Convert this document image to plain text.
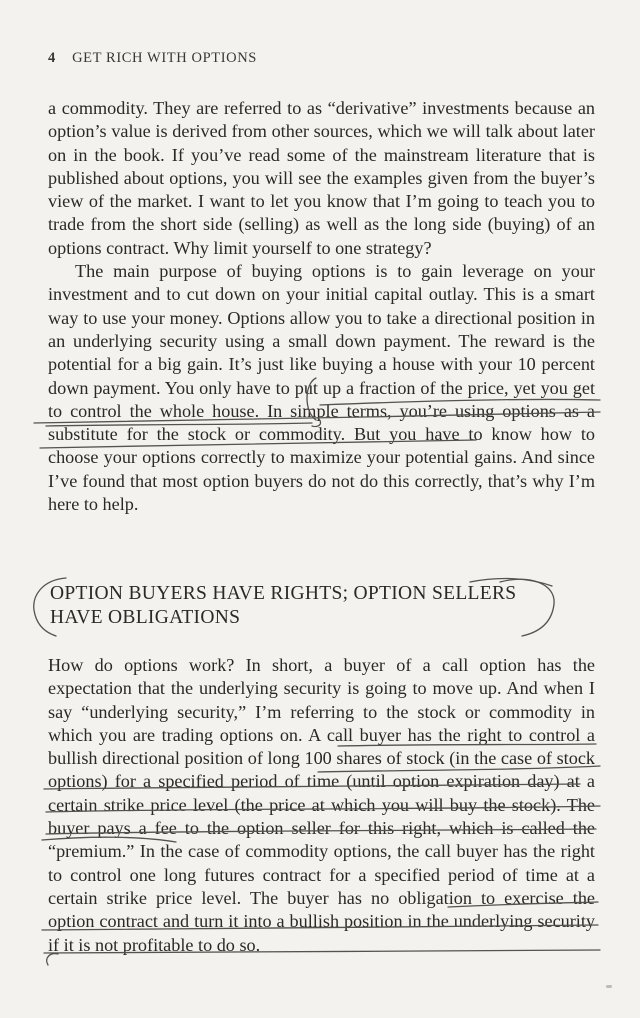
4 GET RICH WITH OPTIONS

a commodity. They are referred to as “derivative” investments because an option’s value is derived from other sources, which we will talk about later on in the book. If you’ve read some of the mainstream literature that is published about options, you will see the examples given from the buyer’s view of the market. I want to let you know that I’m going to teach you to trade from the short side (selling) as well as the long side (buying) of an options contract. Why limit yourself to one strategy?

The main purpose of buying options is to gain leverage on your investment and to cut down on your initial capital outlay. This is a smart way to use your money. Options allow you to take a directional position in an underlying security using a small down payment. The reward is the potential for a big gain. It’s just like buying a house with your 10 percent down payment. You only have to put up a fraction of the price, yet you get to control the whole house. In simple terms, you’re using options as a substitute for the stock or commodity. But you have to know how to choose your options correctly to maximize your potential gains. And since I’ve found that most option buyers do not do this correctly, that’s why I’m here to help.

OPTION BUYERS HAVE RIGHTS; OPTION SELLERS HAVE OBLIGATIONS

How do options work? In short, a buyer of a call option has the expectation that the underlying security is going to move up. And when I say “underlying security,” I’m referring to the stock or commodity in which you are trading options on. A call buyer has the right to control a bullish directional position of long 100 shares of stock (in the case of stock options) for a specified period of time (until option expiration day) at a certain strike price level (the price at which you will buy the stock). The buyer pays a fee to the option seller for this right, which is called the “premium.” In the case of commodity options, the call buyer has the right to control one long futures contract for a specified period of time at a certain strike price level. The buyer has no obligation to exercise the option contract and turn it into a bullish position in the underlying security if it is not profitable to do so.
